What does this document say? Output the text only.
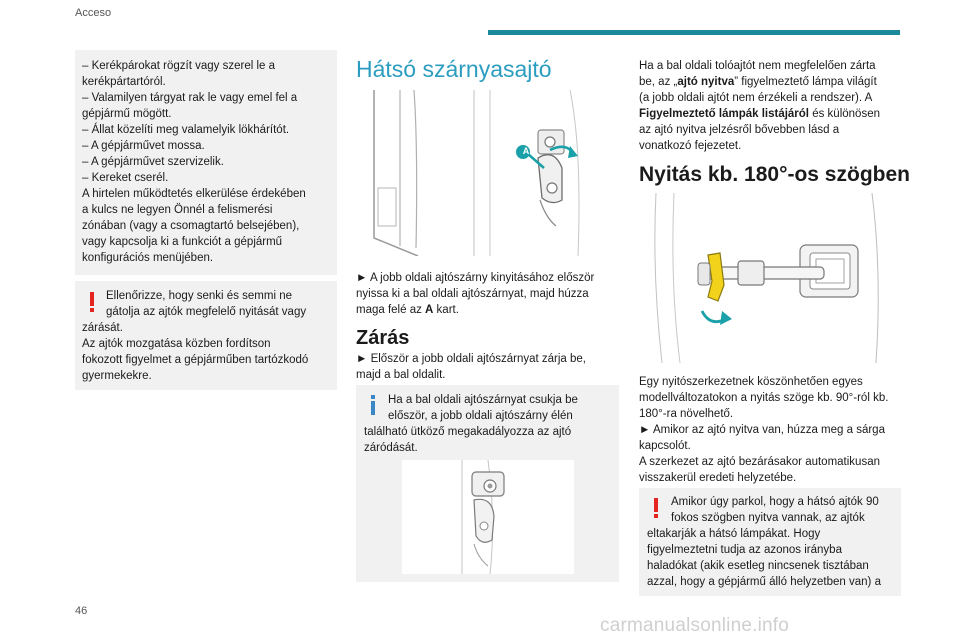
Acceso

– Kerékpárokat rögzít vagy szerel le a

kerékpártartóról.

– Valamilyen tárgyat rak le vagy emel fel a

gépjármű mögött.

– Állat közelíti meg valamelyik lökhárítót.

– A gépjárművet mossa.

– A gépjárművet szervizelik.

– Kereket cserél.

A hirtelen működtetés elkerülése érdekében

a kulcs ne legyen Önnél a felismerési

zónában (vagy a csomagtartó belsejében),

vagy kapcsolja ki a funkciót a gépjármű

konfigurációs menüjében.

Ellenőrizze, hogy senki és semmi ne

gátolja az ajtók megfelelő nyitását vagy

zárását.

Az ajtók mozgatása közben fordítson

fokozott figyelmet a gépjárműben tartózkodó

gyermekekre.

Hátsó szárnyasajtó
A

► A jobb oldali ajtószárny kinyitásához először

nyissa ki a bal oldali ajtószárnyat, majd húzza

maga felé az A kart.

Zárás

► Először a jobb oldali ajtószárnyat zárja be,

majd a bal oldalit.

Ha a bal oldali ajtószárnyat csukja be

először, a jobb oldali ajtószárny élén

található ütköző megakadályozza az ajtó

záródását.

Ha a bal oldali tolóajtót nem megfelelően zárta

be, az „ajtó nyitva” figyelmeztető lámpa világít

(a jobb oldali ajtót nem érzékeli a rendszer). A

Figyelmeztető lámpák listájáról és különösen

az ajtó nyitva jelzésről bővebben lásd a

vonatkozó fejezetet.

Nyitás kb. 180°-os szögben

Egy nyitószerkezetnek köszönhetően egyes

modellváltozatokon a nyitás szöge kb. 90°-ról kb.

180°-ra növelhető.

► Amikor az ajtó nyitva van, húzza meg a sárga

kapcsolót.

A szerkezet az ajtó bezárásakor automatikusan

visszakerül eredeti helyzetébe.

Amikor úgy parkol, hogy a hátsó ajtók 90

fokos szögben nyitva vannak, az ajtók

eltakarják a hátsó lámpákat. Hogy

figyelmeztetni tudja az azonos irányba

haladókat (akik esetleg nincsenek tisztában

azzal, hogy a gépjármű álló helyzetben van) a

46
carmanualsonline.info
